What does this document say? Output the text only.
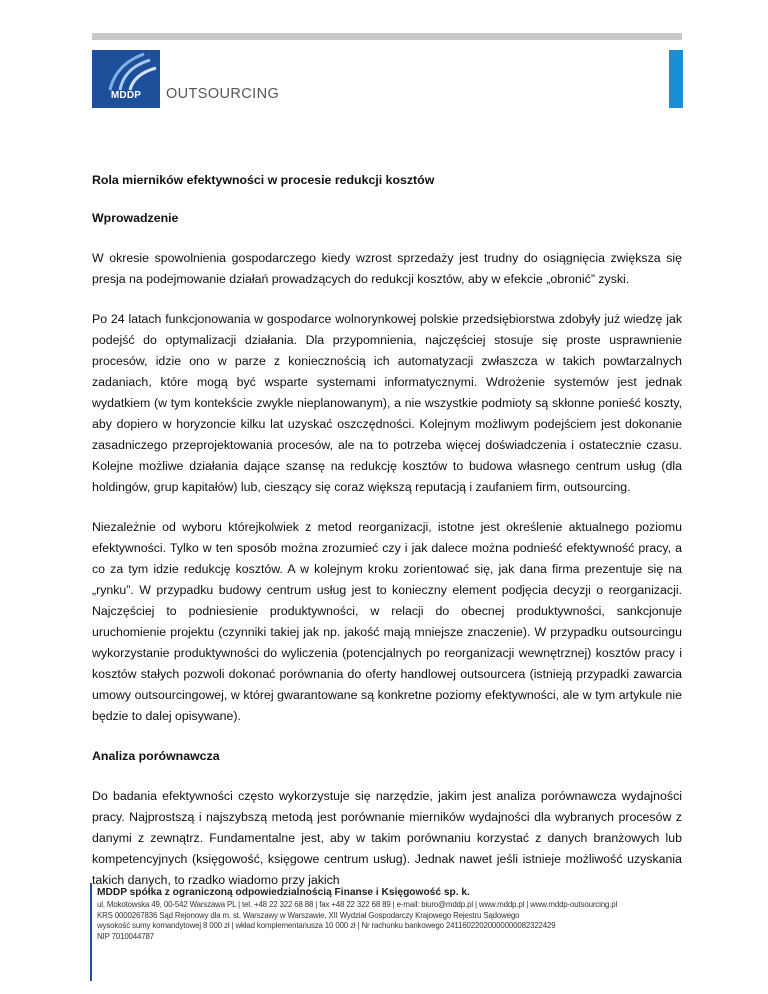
MDDP	OUTSOURCING
Rola mierników efektywności w procesie redukcji kosztów
Wprowadzenie

W okresie spowolnienia gospodarczego kiedy wzrost sprzedaży jest trudny do osiągnięcia zwiększa się presja na podejmowanie działań prowadzących do redukcji kosztów, aby w efekcie „obronić” zyski.

Po 24 latach funkcjonowania w gospodarce wolnorynkowej polskie przedsiębiorstwa zdobyły już wiedzę jak podejść do optymalizacji działania. Dla przypomnienia, najczęściej stosuje się proste usprawnienie procesów, idzie ono w parze z koniecznością ich automatyzacji zwłaszcza w takich powtarzalnych zadaniach, które mogą być wsparte systemami informatycznymi. Wdrożenie systemów jest jednak wydatkiem (w tym kontekście zwykle nieplanowanym), a nie wszystkie podmioty są skłonne ponieść koszty, aby dopiero w horyzoncie kilku lat uzyskać oszczędności. Kolejnym możliwym podejściem jest dokonanie zasadniczego przeprojektowania procesów, ale na to potrzeba więcej doświadczenia i ostatecznie czasu. Kolejne możliwe działania dające szansę na redukcję kosztów to budowa własnego centrum usług (dla holdingów, grup kapitałów) lub, cieszący się coraz większą reputacją i zaufaniem firm, outsourcing.

Niezależnie od wyboru którejkolwiek z metod reorganizacji, istotne jest określenie aktualnego poziomu efektywności. Tylko w ten sposób można zrozumieć czy i jak dalece można podnieść efektywność pracy, a co za tym idzie redukcję kosztów. A w kolejnym kroku zorientować się, jak dana firma prezentuje się na „rynku”. W przypadku budowy centrum usług jest to konieczny element podjęcia decyzji o reorganizacji. Najczęściej to podniesienie produktywności, w relacji do obecnej produktywności, sankcjonuje uruchomienie projektu (czynniki takiej jak np. jakość mają mniejsze znaczenie). W przypadku outsourcingu wykorzystanie produktywności do wyliczenia (potencjalnych po reorganizacji wewnętrznej) kosztów pracy i kosztów stałych pozwoli dokonać porównania do oferty handlowej outsourcera (istnieją przypadki zawarcia umowy outsourcingowej, w której gwarantowane są konkretne poziomy efektywności, ale w tym artykule nie będzie to dalej opisywane).

Analiza porównawcza

Do badania efektywności często wykorzystuje się narzędzie, jakim jest analiza porównawcza wydajności pracy. Najprostszą i najszybszą metodą jest porównanie mierników wydajności dla wybranych procesów z danymi z zewnątrz. Fundamentalne jest, aby w takim porównaniu korzystać z danych branżowych lub kompetencyjnych (księgowość, księgowe centrum usług). Jednak nawet jeśli istnieje możliwość uzyskania takich danych, to rzadko wiadomo przy jakich

MDDP spółka z ograniczoną odpowiedzialnością Finanse i Księgowość sp. k.
ul. Mokotowska 49, 00-542 Warszawa PL | tel. +48 22 322 68 88 | fax +48 22 322 68 89 | e-mail: biuro@mddp.pl | www.mddp.pl | www.mddp-outsourcing.pl
KRS 0000267836 Sąd Rejonowy dla m. st. Warszawy w Warszawie, XII Wydział Gospodarczy Krajowego Rejestru Sądowego
wysokość sumy komandytowej 8 000 zł | wkład komplementariusza 10 000 zł | Nr rachunku bankowego 24116022020000000082322429
NIP 7010044787
